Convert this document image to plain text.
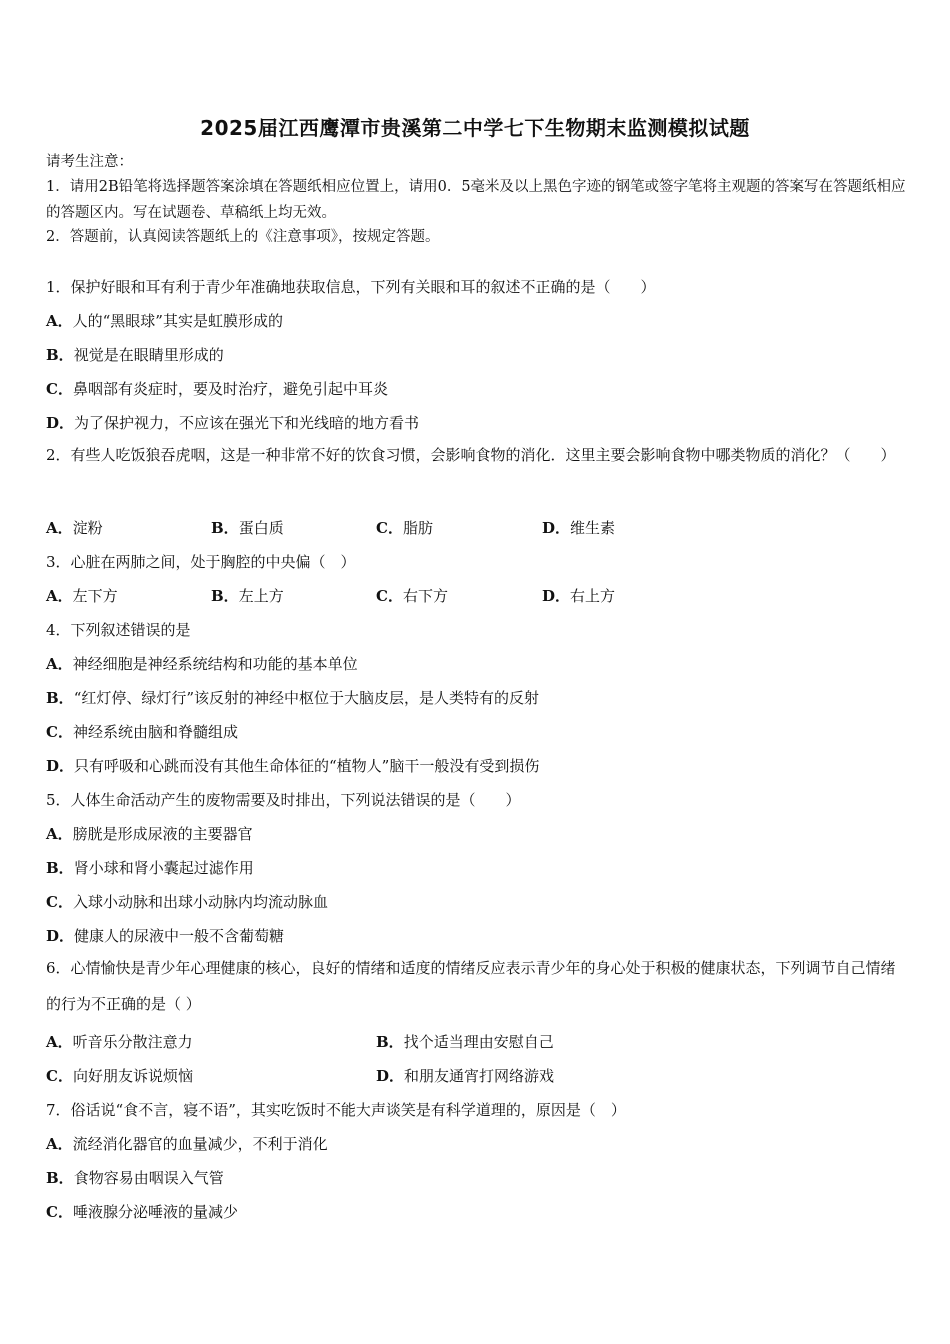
2025届江西鹰潭市贵溪第二中学七下生物期末监测模拟试题
请考生注意：
1．请用2B铅笔将选择题答案涂填在答题纸相应位置上，请用0．5毫米及以上黑色字迹的钢笔或签字笔将主观题的答案写在答题纸相应的答题区内。写在试题卷、草稿纸上均无效。
2．答题前，认真阅读答题纸上的《注意事项》，按规定答题。
1．保护好眼和耳有利于青少年准确地获取信息，下列有关眼和耳的叙述不正确的是（　　）
A．人的“黑眼球”其实是虹膜形成的
B．视觉是在眼睛里形成的
C．鼻咽部有炎症时，要及时治疗，避免引起中耳炎
D．为了保护视力，不应该在强光下和光线暗的地方看书
2．有些人吃饭狼吞虎咽，这是一种非常不好的饮食习惯，会影响食物的消化．这里主要会影响食物中哪类物质的消化？（　　）
A．淀粉	B．蛋白质	C．脂肪	D．维生素
3．心脏在两肺之间，处于胸腔的中央偏（　）
A．左下方	B．左上方	C．右下方	D．右上方
4．下列叙述错误的是
A．神经细胞是神经系统结构和功能的基本单位
B．“红灯停、绿灯行”该反射的神经中枢位于大脑皮层，是人类特有的反射
C．神经系统由脑和脊髓组成
D．只有呼吸和心跳而没有其他生命体征的“植物人”脑干一般没有受到损伤
5．人体生命活动产生的废物需要及时排出，下列说法错误的是（　　）
A．膀胱是形成尿液的主要器官
B．肾小球和肾小囊起过滤作用
C．入球小动脉和出球小动脉内均流动脉血
D．健康人的尿液中一般不含葡萄糖
6．心情愉快是青少年心理健康的核心，良好的情绪和适度的情绪反应表示青少年的身心处于积极的健康状态，下列调节自己情绪的行为不正确的是（ ）
A．听音乐分散注意力	B．找个适当理由安慰自己
C．向好朋友诉说烦恼	D．和朋友通宵打网络游戏
7．俗话说“食不言，寝不语”，其实吃饭时不能大声谈笑是有科学道理的，原因是（　）
A．流经消化器官的血量减少，不利于消化
B．食物容易由咽误入气管
C．唾液腺分泌唾液的量减少
